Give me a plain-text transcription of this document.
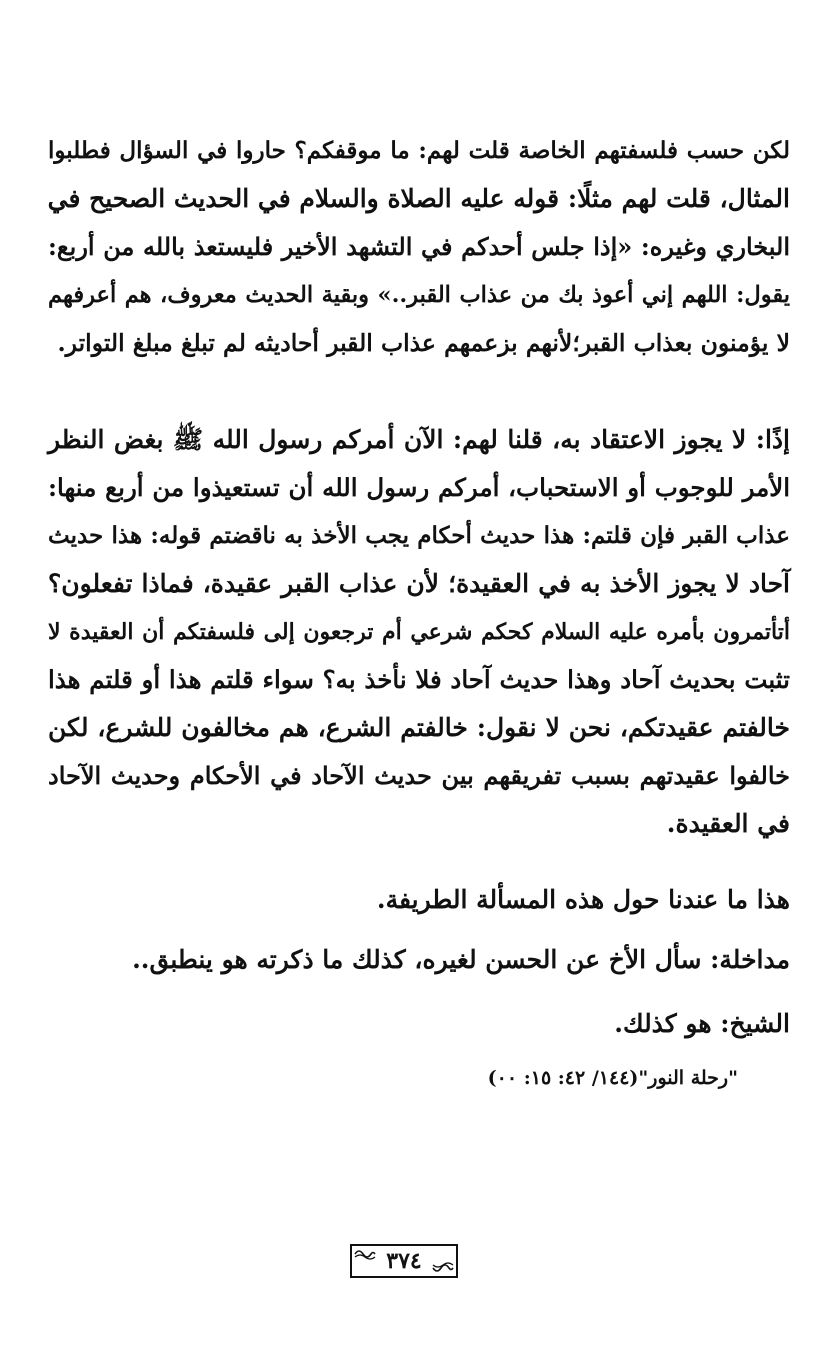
لكن حسب فلسفتهم الخاصة قلت لهم: ما موقفكم؟ حاروا في السؤال فطلبوا
المثال، قلت لهم مثلًا: قوله عليه الصلاة والسلام في الحديث الصحيح في
البخاري وغيره: «إذا جلس أحدكم في التشهد الأخير فليستعذ بالله من أربع:
يقول: اللهم إني أعوذ بك من عذاب القبر..» وبقية الحديث معروف، هم أعرفهم
لا يؤمنون بعذاب القبر؛لأنهم بزعمهم عذاب القبر أحاديثه لم تبلغ مبلغ التواتر.
إذًا: لا يجوز الاعتقاد به، قلنا لهم: الآن أمركم رسول الله ﷺ بغض النظر
الأمر للوجوب أو الاستحباب، أمركم رسول الله أن تستعيذوا من أربع منها:
عذاب القبر فإن قلتم: هذا حديث أحكام يجب الأخذ به ناقضتم قوله: هذا حديث
آحاد لا يجوز الأخذ به في العقيدة؛ لأن عذاب القبر عقيدة، فماذا تفعلون؟
أتأتمرون بأمره عليه السلام كحكم شرعي أم ترجعون إلى فلسفتكم أن العقيدة لا
تثبت بحديث آحاد وهذا حديث آحاد فلا نأخذ به؟ سواء قلتم هذا أو قلتم هذا
خالفتم عقيدتكم، نحن لا نقول: خالفتم الشرع، هم مخالفون للشرع، لكن
خالفوا عقيدتهم بسبب تفريقهم بين حديث الآحاد في الأحكام وحديث الآحاد
في العقيدة.
هذا ما عندنا حول هذه المسألة الطريفة.
مداخلة: سأل الأخ عن الحسن لغيره، كذلك ما ذكرته هو ينطبق..
الشيخ: هو كذلك.
"رحلة النور"(١٤٤/ ٤٢: ١٥: ٠٠)
٣٧٤
